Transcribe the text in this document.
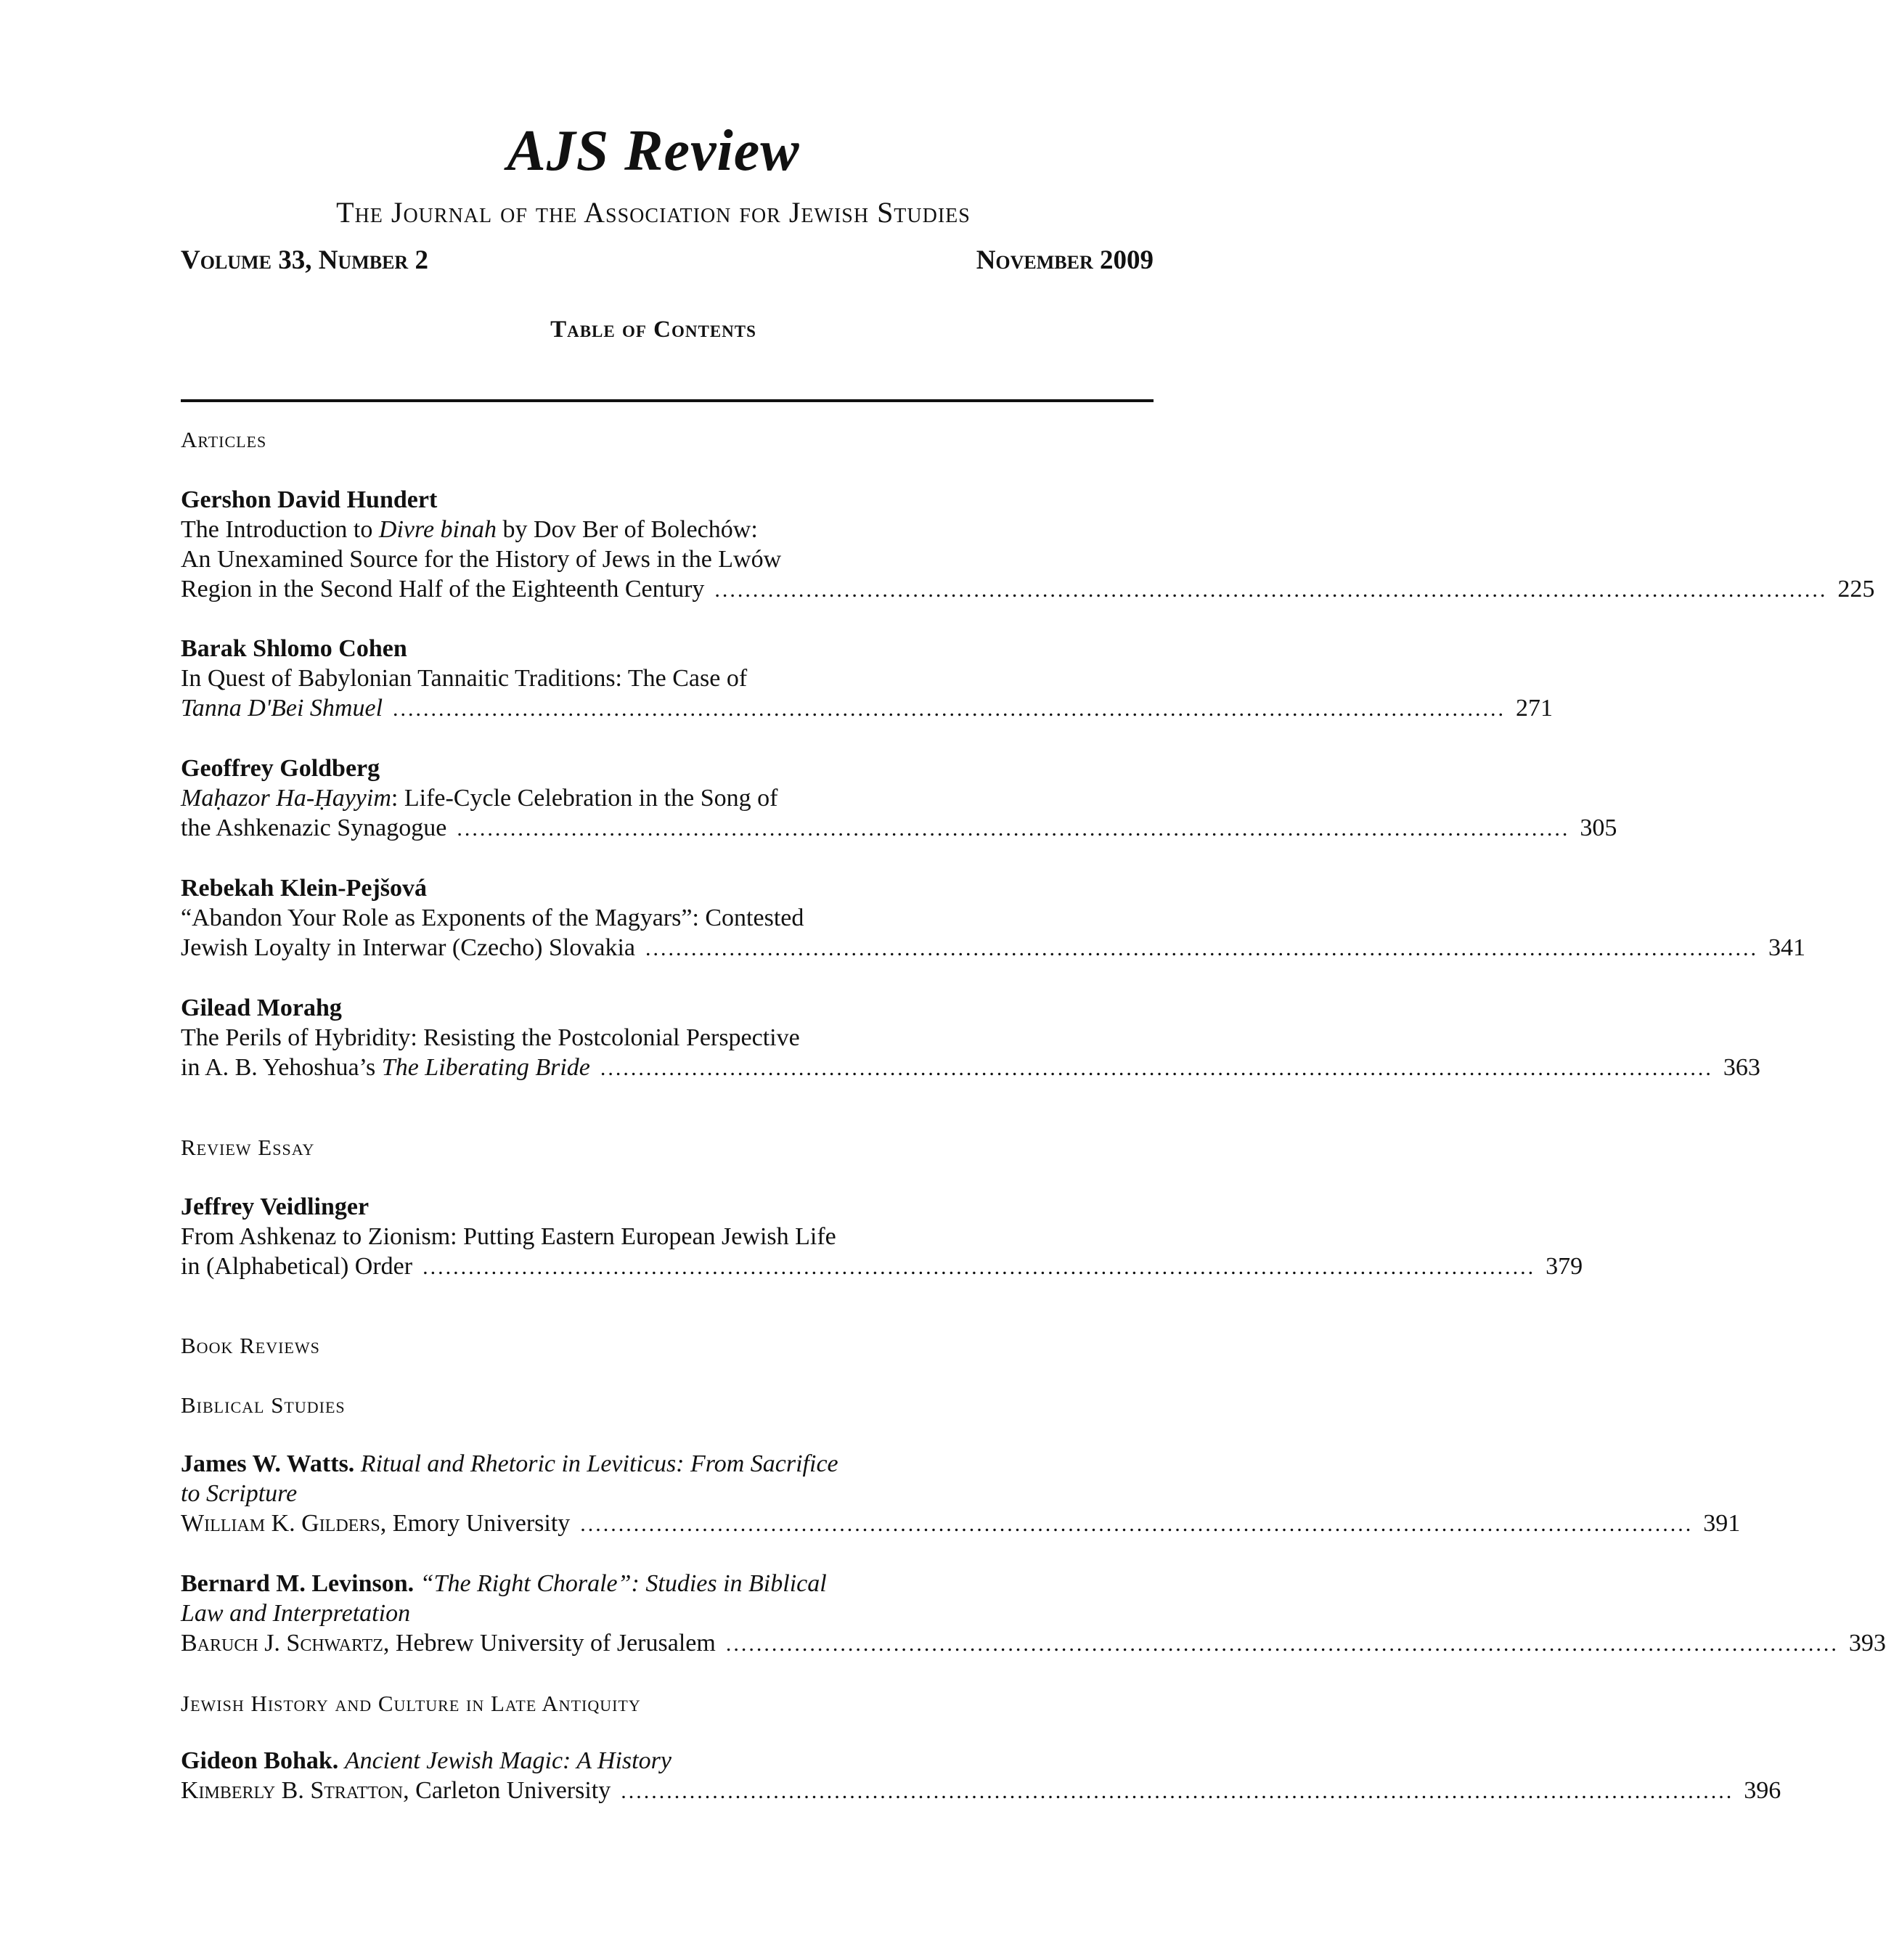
AJS Review
The Journal of the Association for Jewish Studies
Volume 33, Number 2	November 2009
Table of Contents
Articles
Gershon David Hundert
The Introduction to Divre binah by Dov Ber of Bolechów:
An Unexamined Source for the History of Jews in the Lwów
Region in the Second Half of the Eighteenth Century .................................................................................................................................................. 225
Barak Shlomo Cohen
In Quest of Babylonian Tannaitic Traditions: The Case of
Tanna D'Bei Shmuel .................................................................................................................................................. 271
Geoffrey Goldberg
Maḥazor Ha-Ḥayyim: Life-Cycle Celebration in the Song of
the Ashkenazic Synagogue .................................................................................................................................................. 305
Rebekah Klein-Pejšová
“Abandon Your Role as Exponents of the Magyars”: Contested
Jewish Loyalty in Interwar (Czecho) Slovakia .................................................................................................................................................. 341
Gilead Morahg
The Perils of Hybridity: Resisting the Postcolonial Perspective
in A. B. Yehoshua’s The Liberating Bride .................................................................................................................................................. 363
Review Essay
Jeffrey Veidlinger
From Ashkenaz to Zionism: Putting Eastern European Jewish Life
in (Alphabetical) Order .................................................................................................................................................. 379
Book Reviews
Biblical Studies
James W. Watts. Ritual and Rhetoric in Leviticus: From Sacrifice
to Scripture
William K. Gilders, Emory University .................................................................................................................................................. 391
Bernard M. Levinson. “The Right Chorale”: Studies in Biblical
Law and Interpretation
Baruch J. Schwartz, Hebrew University of Jerusalem .................................................................................................................................................. 393
Jewish History and Culture in Late Antiquity
Gideon Bohak. Ancient Jewish Magic: A History
Kimberly B. Stratton, Carleton University .................................................................................................................................................. 396
